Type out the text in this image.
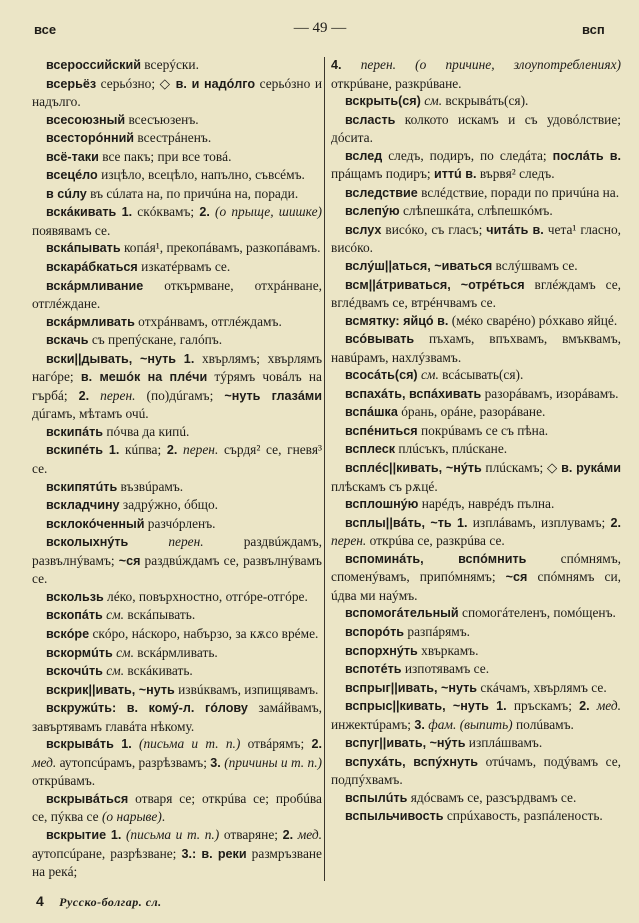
все	— 49 —	всп

всероссийский всерýски.

всерьёз серьóзно; ◇ в. и надóлго серьóзно и надълго.

всесоюзный всесъюзенъ.

всесторóнний всестрáненъ.

всё-таки все пакъ; при все товá.

всецéло изцѣло, всецѣло, напълно, съвсéмъ.

в сúлу въ сúлата на, по причúна на, поради.

вскáкивать 1. скóквамъ; 2. (о прыще, шишке) появявамъ се.

вскáпывать копáя¹, прекопáвамъ, разкопáвамъ.

вскарáбкаться изкатéрвамъ се.

вскáрмливание откърмване, отхрáнване, отглéждане.

вскáрмливать отхрáнвамъ, отглéждамъ.

вскачь съ препýскане, галóпъ.

вски||дывать, ~нуть 1. хвърлямъ; хвърлямъ нагóре; в. мешóк на плéчи тýрямъ човáлъ на гърбá; 2. перен. (по)дúгамъ; ~нуть глазáми дúгамъ, мѣтамъ очú.

вскипáть пóчва да кипú.

вскипéть 1. кúпва; 2. перен. сърдя² се, гневя³ се.

вскипятúть възвúрамъ.

вскладчину задрýжно, óбщо.

всклокóченный разчóрленъ.

всколыхнýть	перен. раздвúждамъ, развълнýвамъ; ~ся раздвúждамъ се, развълнýвамъ се.

вскользь лéко, повърхностно, отгóре-отгóре.

вскопáть см. вскáпывать.

вскóре скóро, нáскоро, набързо, за кѫсо врéме.

вскормúть см. вскáрмливать.

вскочúть см. вскáкивать.

вскрик||ивать, ~нуть извúквамъ, изпищявамъ.

вскружúть: в. комý-л. гóлову замáйвамъ, завъртявамъ главáта нѣкому.

вскрывáть 1. (письма и т. п.) отвáрямъ; 2. мед. аутопсúрамъ, разрѣзвамъ; 3. (причины и т. п.) открúвамъ.

вскрывáться отваря се; открúва се; пробúва се, пýква се (о нарыве).

вскрытие 1. (письма и т. п.) отваряне; 2. мед. аутопсúране, разрѣзване; 3.: в. реки размръзване на рекá;

4. перен. (о причине, злоупотреблениях) открúване, разкрúване.

вскрыть(ся) см. вскрывáть(ся).

всласть колкото искамъ и съ удовóлствие; дóсита.

вслед следъ, подиръ, по следáта; послáть в. прáщамъ подиръ; иттú в. вървя² следъ.

вследствие вслéдствие, поради по причúна на.

вслепýю слѣпешкáта, слѣпешкóмъ.

вслух висóко, съ гласъ; читáть в. чета¹ гласно, висóко.

вслýш||аться, ~иваться вслýшвамъ се.

всм||áтриваться, ~отрéться вглéждамъ се, вглéдвамъ се, втрéнчвамъ се.

всмятку: яйцó в. (мéко сварéно) рóхкаво яйцé.

всóвывать пъхамъ, впъхвамъ, вмъквамъ, навúрамъ, нахлýзвамъ.

всосáть(ся) см. всáсывать(ся).

вспахáть, вспáхивать разорáвамъ, изорáвамъ.

вспáшка óрань, орáне, разорáване.

вспéниться покрúвамъ се съ пѣна.

всплеск плúсъкъ, плúскане.

всплéс||кивать, ~нýть плúскамъ; ◇ в. рукáми плѣскамъ съ рѫцé.

всплошнýю нарéдъ, наврéдъ пълна.

всплы||вáть, ~ть 1. изплáвамъ, изплувамъ; 2. перен. открúва се, разкрúва се.

вспоминáть, вспóмнить спóмнямъ, споменýвамъ, припóмнямъ; ~ся спóмнямъ си, úдва ми наýмъ.

вспомогáтельный спомогáтеленъ, помóщенъ.

вспорóть разпáрямъ.

вспорхнýть хвъркамъ.

вспотéть изпотявамъ се.

вспрыг||ивать, ~нуть скáчамъ, хвърлямъ се.

вспрыс||кивать, ~нуть 1. пръскамъ; 2. мед. инжектúрамъ; 3. фам. (выпить) полúвамъ.

вспуг||ивать, ~нýть изплáшвамъ.

вспухáть, вспýхнуть отúчамъ, подýвамъ се, подпýхвамъ.

вспылúть ядóсвамъ се, разсърдвамъ се.

вспыльчивость спрúхавость, разпáленость.

4 Русско-болгар. сл.
